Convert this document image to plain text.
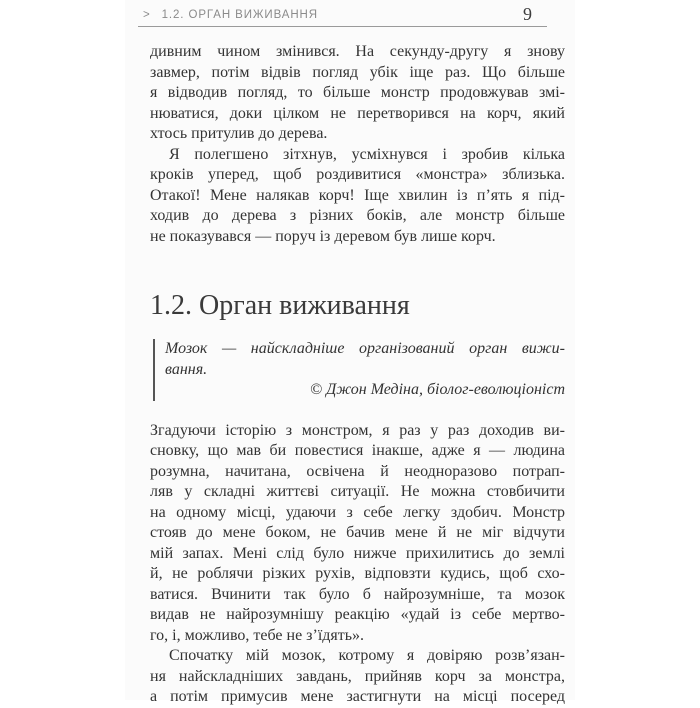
> 1.2. ОРГАН ВИЖИВАННЯ	9

дивним чином змінився. На секунду-другу я знову
завмер, потім відвів погляд убік іще раз. Що більше
я відводив погляд, то більше монстр продовжував змі-
нюватися, доки цілком не перетворився на корч, який
хтось притулив до дерева.

Я полегшено зітхнув, усміхнувся і зробив кілька
кроків уперед, щоб роздивитися «монстра» зблизька.
Отакої! Мене налякав корч! Іще хвилин із п’ять я під-
ходив до дерева з різних боків, але монстр більше
не показувався — поруч із деревом був лише корч.

1.2. Орган виживання
Мозок — найскладніше організований орган вижи-
вання.
© Джон Медіна, біолог-еволюціоніст

Згадуючи історію з монстром, я раз у раз доходив ви-
сновку, що мав би повестися інакше, адже я — людина
розумна, начитана, освічена й неодноразово потрап-
ляв у складні життєві ситуації. Не можна стовбичити
на одному місці, удаючи з себе легку здобич. Монстр
стояв до мене боком, не бачив мене й не міг відчути
мій запах. Мені слід було нижче прихилитись до землі
й, не роблячи різких рухів, відповзти кудись, щоб схо-
ватися. Вчинити так було б найрозумніше, та мозок
видав не найрозумнішу реакцію «удай із себе мертво-
го, і, можливо, тебе не з’їдять».

Спочатку мій мозок, котрому я довіряю розв’язан-
ня найскладніших завдань, прийняв корч за монстра,
а потім примусив мене застигнути на місці посеред
